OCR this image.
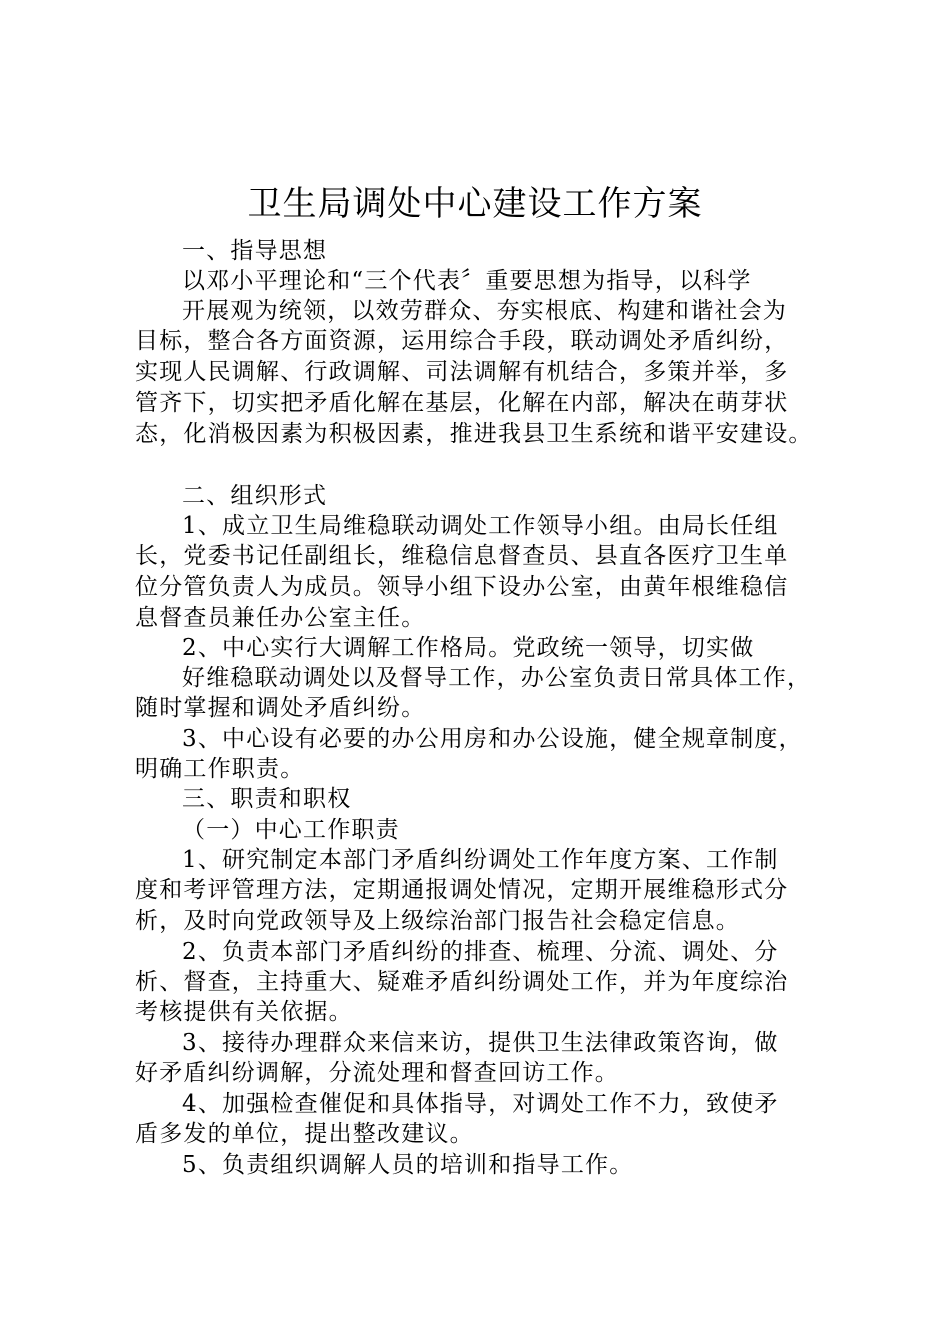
卫生局调处中心建设工作方案
一、指导思想
以邓小平理论和“三个代表〞重要思想为指导，以科学
开展观为统领，以效劳群众、夯实根底、构建和谐社会为
目标，整合各方面资源，运用综合手段，联动调处矛盾纠纷，
实现人民调解、行政调解、司法调解有机结合，多策并举，多
管齐下，切实把矛盾化解在基层，化解在内部，解决在萌芽状
态，化消极因素为积极因素，推进我县卫生系统和谐平安建设。
二、组织形式
1、成立卫生局维稳联动调处工作领导小组。由局长任组
长，党委书记任副组长，维稳信息督查员、县直各医疗卫生单
位分管负责人为成员。领导小组下设办公室，由黄年根维稳信
息督查员兼任办公室主任。
2、中心实行大调解工作格局。党政统一领导，切实做
好维稳联动调处以及督导工作，办公室负责日常具体工作，
随时掌握和调处矛盾纠纷。
3、中心设有必要的办公用房和办公设施，健全规章制度，
明确工作职责。
三、职责和职权
（一）中心工作职责
1、研究制定本部门矛盾纠纷调处工作年度方案、工作制
度和考评管理方法，定期通报调处情况，定期开展维稳形式分
析，及时向党政领导及上级综治部门报告社会稳定信息。
2、负责本部门矛盾纠纷的排查、梳理、分流、调处、分
析、督查，主持重大、疑难矛盾纠纷调处工作，并为年度综治
考核提供有关依据。
3、接待办理群众来信来访，提供卫生法律政策咨询，做
好矛盾纠纷调解，分流处理和督查回访工作。
4、加强检查催促和具体指导，对调处工作不力，致使矛
盾多发的单位，提出整改建议。
5、负责组织调解人员的培训和指导工作。
